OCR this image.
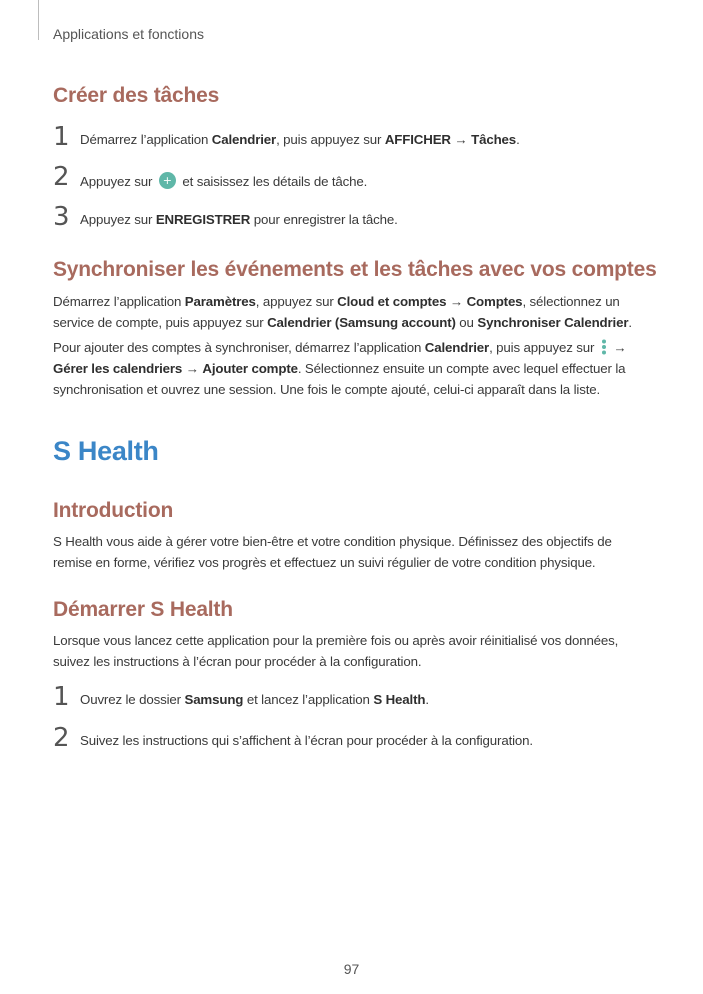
Applications et fonctions
Créer des tâches
1 Démarrez l’application Calendrier, puis appuyez sur AFFICHER → Tâches.
2 Appuyez sur + et saisissez les détails de tâche.
3 Appuyez sur ENREGISTRER pour enregistrer la tâche.
Synchroniser les événements et les tâches avec vos comptes

Démarrez l’application Paramètres, appuyez sur Cloud et comptes → Comptes, sélectionnez un service de compte, puis appuyez sur Calendrier (Samsung account) ou Synchroniser Calendrier.

Pour ajouter des comptes à synchroniser, démarrez l’application Calendrier, puis appuyez sur  → Gérer les calendriers → Ajouter compte. Sélectionnez ensuite un compte avec lequel effectuer la synchronisation et ouvrez une session. Une fois le compte ajouté, celui-ci apparaît dans la liste.

S Health
Introduction

S Health vous aide à gérer votre bien-être et votre condition physique. Définissez des objectifs de remise en forme, vérifiez vos progrès et effectuez un suivi régulier de votre condition physique.

Démarrer S Health

Lorsque vous lancez cette application pour la première fois ou après avoir réinitialisé vos données, suivez les instructions à l’écran pour procéder à la configuration.

1 Ouvrez le dossier Samsung et lancez l’application S Health.
2 Suivez les instructions qui s’affichent à l’écran pour procéder à la configuration.
97
